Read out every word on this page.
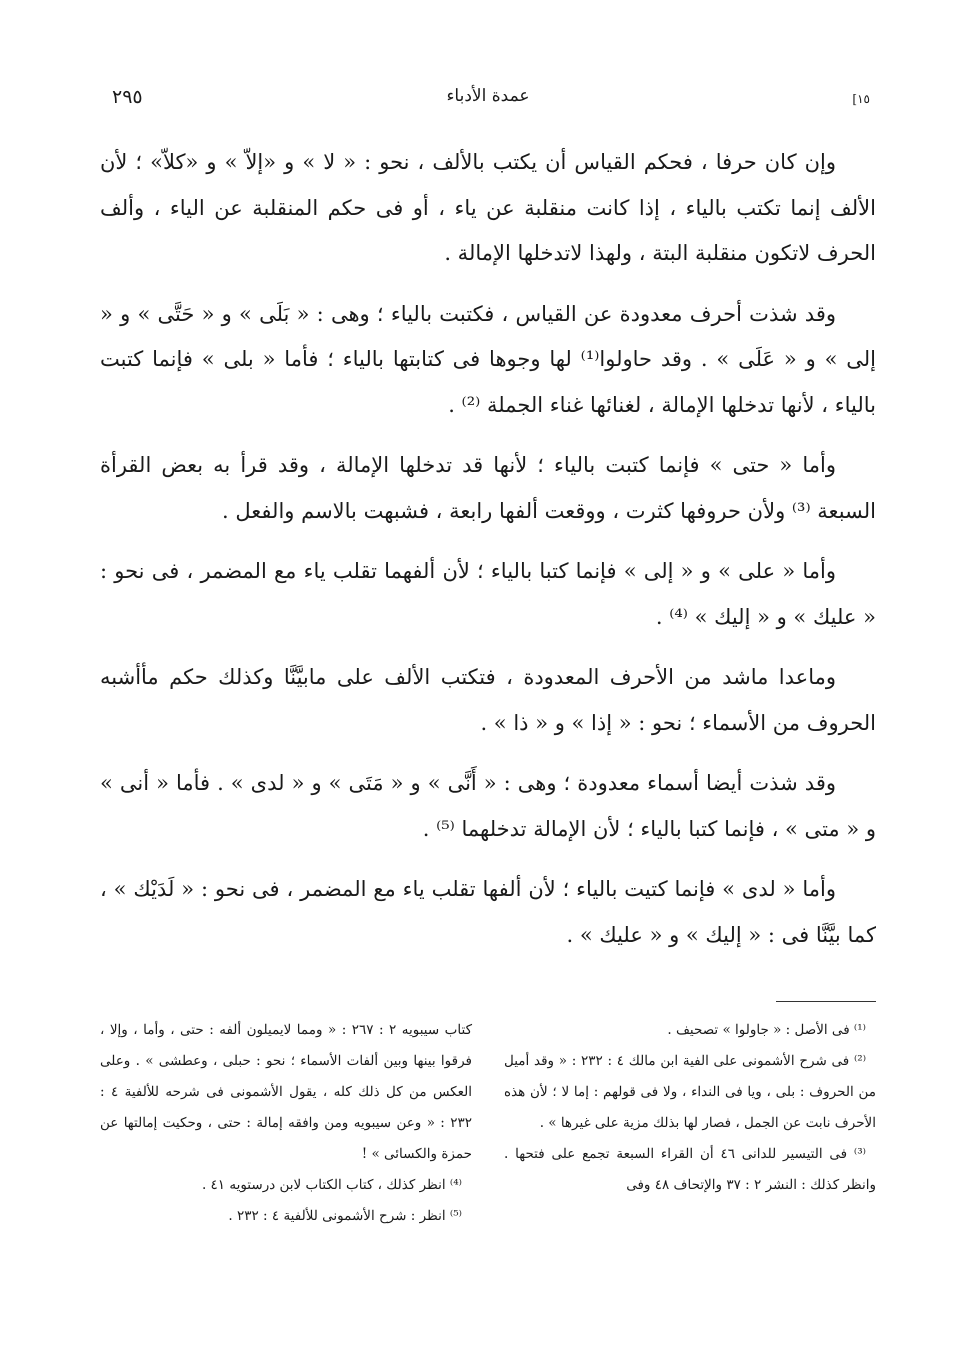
٢٩٥	عمدة الأدباء	[١٥

وإن كان حرفا ، فحكم القياس أن يكتب بالألف ، نحو : « لا » و «إلاّ » و «كلاّ» ؛ لأن الألف إنما تكتب بالياء ، إذا كانت منقلبة عن ياء ، أو فى حكم المنقلبة عن الياء ، وألف الحرف لاتكون منقلبة البتة ، ولهذا لاتدخلها الإمالة .

وقد شذت أحرف معدودة عن القياس ، فكتبت بالياء ؛ وهى : « بَلَى » و « حَتَّى » و « إلى » و « عَلَى » . وقد حاولوا⁽¹⁾ لها وجوها فى كتابتها بالياء ؛ فأما « بلى » فإنما كتبت بالياء ، لأنها تدخلها الإمالة ، لغنائها غناء الجملة ⁽²⁾ .

وأما « حتى » فإنما كتبت بالياء ؛ لأنها قد تدخلها الإمالة ، وقد قرأ به بعض القرأة السبعة ⁽³⁾ ولأن حروفها كثرت ، ووقعت ألفها رابعة ، فشبهت بالاسم والفعل .

وأما « على » و « إلى » فإنما كتبا بالياء ؛ لأن ألفهما تقلب ياء مع المضمر ، فى نحو : « عليك » و « إليك » ⁽⁴⁾ .

وماعدا ماشد من الأحرف المعدودة ، فتكتب الألف على مابيَّنَّا وكذلك حكم مأأشبه الحروف من الأسماء ؛ نحو : « إذا » و « ذا » .

وقد شذت أيضا أسماء معدودة ؛ وهى : « أَنَّى » و « مَتَى » و « لدى » . فأما « أنى » و « متى » ، فإنما كتبا بالياء ؛ لأن الإمالة تدخلهما ⁽⁵⁾ .

وأما « لدى » فإنما كتيت بالياء ؛ لأن ألفها تقلب ياء مع المضمر ، فى نحو : « لَدَيْك » ، كما بيَّنَّا فى : « إليك » و « عليك » .

⁽¹⁾ فى الأصل : « جاولوا » تصحيف .

⁽²⁾ فى شرح الأشمونى على الفية ابن مالك ٤ : ٢٣٢ : « وقد أميل من الحروف : بلى ، ويا فى النداء ، ولا فى قولهم : إما لا ؛ لأن هذه الأحرف نابت عن الجمل ، فصار لها بذلك مزية على غيرها » .

⁽³⁾ فى التيسير للدانى ٤٦ أن القراء السبعة تجمع على فتحها . وانظر كذلك : النشر ٢ : ٣٧ والإتحاف ٤٨ وفى

كتاب سيبويه ٢ : ٢٦٧ : « ومما لايميلون ألفه : حتى ، وأما ، وإلا ، فرقوا بينها وبين ألفات الأسماء ؛ نحو : حبلى ، وعطشى » . وعلى العكس من كل ذلك كله ، يقول الأشمونى فى شرحه للألفية ٤ : ٢٣٢ : « وعن سيبويه ومن وافقه إمالة : حتى ، وحكيت إمالتها عن حمزة والكسائى » !

⁽⁴⁾ انظر كذلك ، كتاب الكتاب لابن درستويه ٤١ .

⁽⁵⁾ انظر : شرح الأشمونى للألفية ٤ : ٢٣٢ .
